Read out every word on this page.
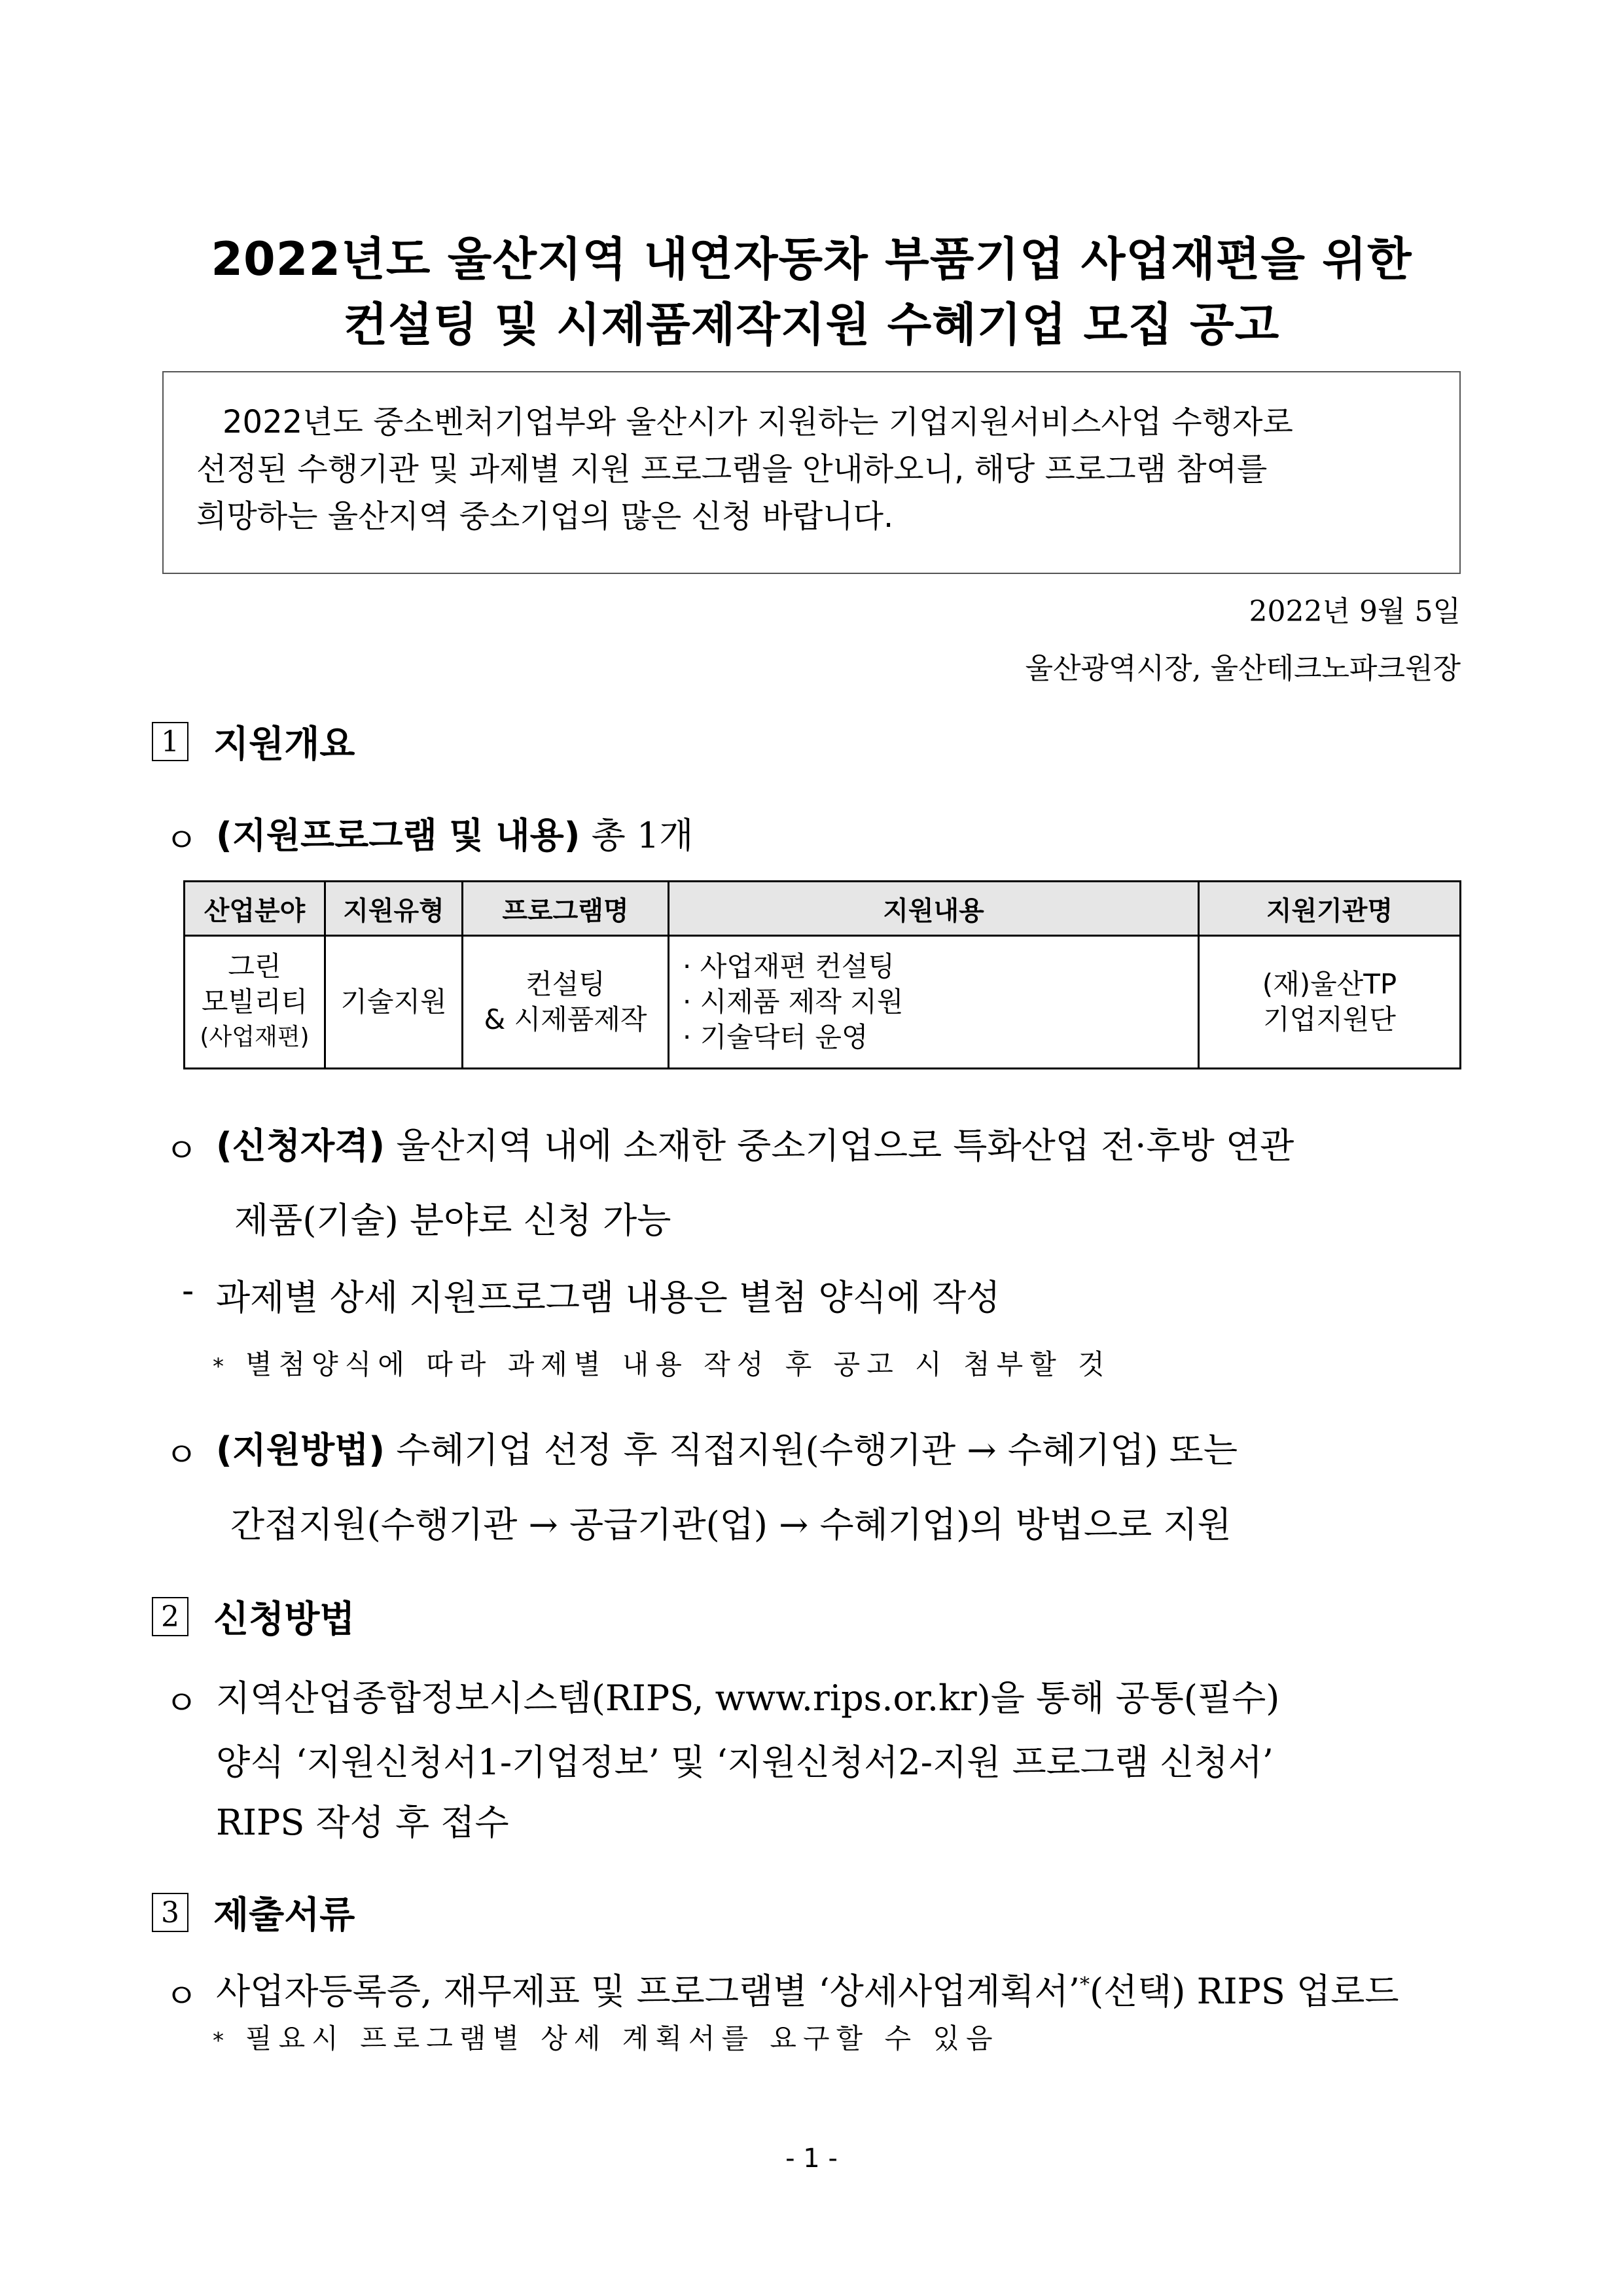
2022년도 울산지역 내연자동차 부품기업 사업재편을 위한
컨설팅 및 시제품제작지원 수혜기업 모집 공고
2022년도 중소벤처기업부와 울산시가 지원하는 기업지원서비스사업 수행자로
선정된 수행기관 및 과제별 지원 프로그램을 안내하오니, 해당 프로그램 참여를
희망하는 울산지역 중소기업의 많은 신청 바랍니다.
2022년 9월 5일
울산광역시장, 울산테크노파크원장
1 지원개요
ㅇ (지원프로그램 및 내용) 총 1개
산업분야	지원유형	프로그램명	지원내용	지원기관명

그린
모빌리티
(사업재편)	기술지원	컨설팅
& 시제품제작	· 사업재편 컨설팅
· 시제품 제작 지원
· 기술닥터 운영	(재)울산TP
기업지원단
ㅇ (신청자격) 울산지역 내에 소재한 중소기업으로 특화산업 전·후방 연관
제품(기술) 분야로 신청 가능
- 과제별 상세 지원프로그램 내용은 별첨 양식에 작성
* 별첨양식에 따라 과제별 내용 작성 후 공고 시 첨부할 것
ㅇ (지원방법) 수혜기업 선정 후 직접지원(수행기관 → 수혜기업) 또는
간접지원(수행기관 → 공급기관(업) → 수혜기업)의 방법으로 지원
2 신청방법
ㅇ 지역산업종합정보시스템(RIPS, www.rips.or.kr)을 통해 공통(필수)
양식 ‘지원신청서1-기업정보’ 및 ‘지원신청서2-지원 프로그램 신청서’
RIPS 작성 후 접수
3 제출서류
ㅇ 사업자등록증, 재무제표 및 프로그램별 ‘상세사업계획서’*(선택) RIPS 업로드
* 필요시 프로그램별 상세 계획서를 요구할 수 있음
- 1 -
